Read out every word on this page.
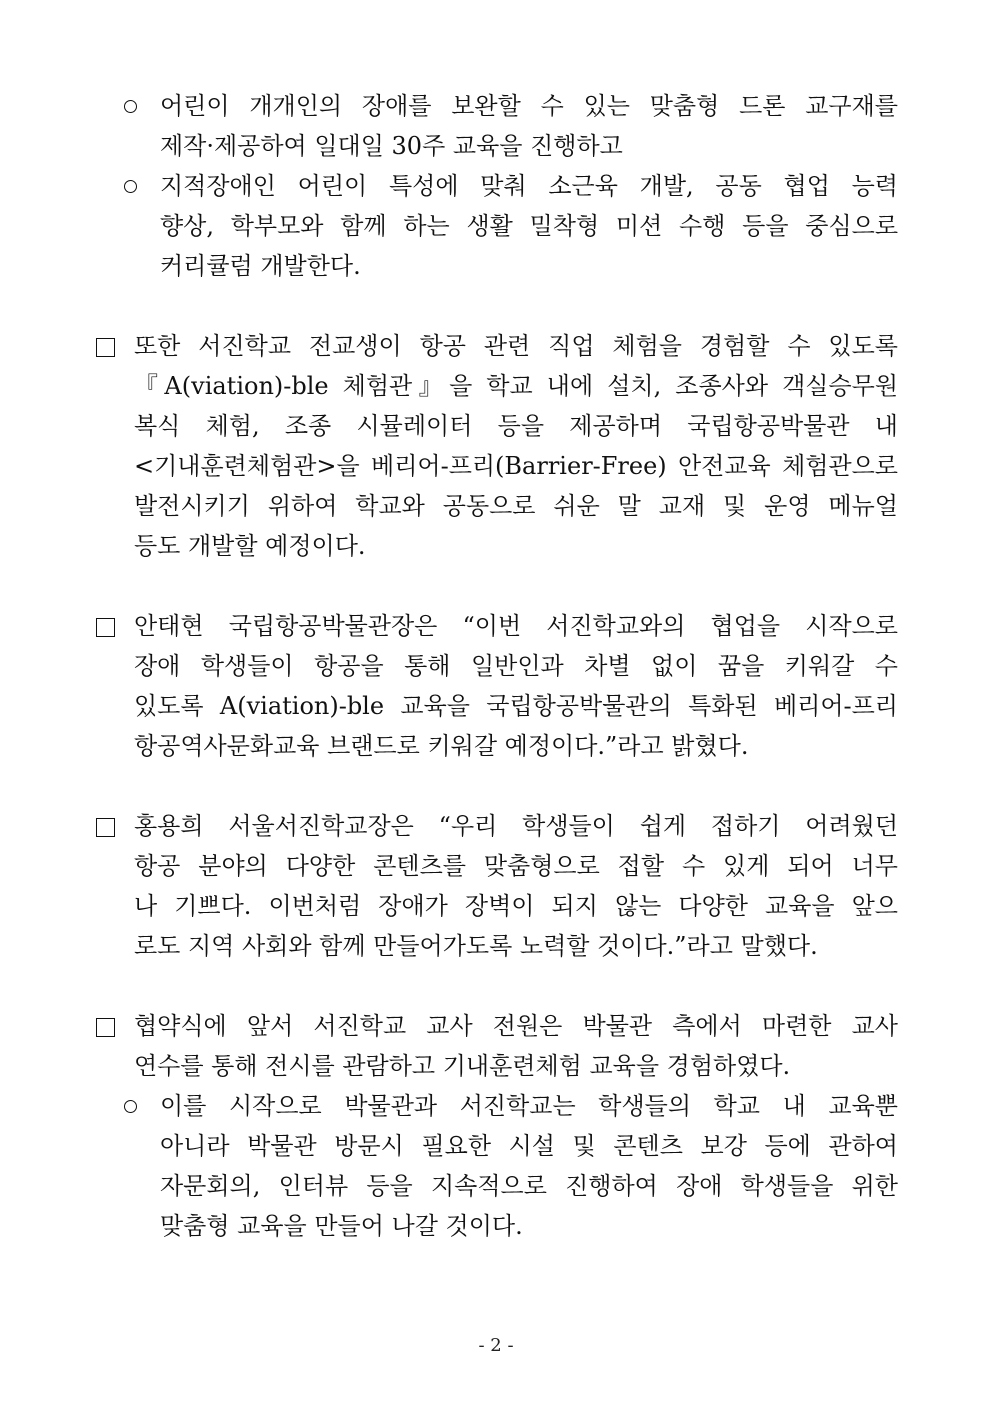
어린이 개개인의 장애를 보완할 수 있는 맞춤형 드론 교구재를
제작·제공하여 일대일 30주 교육을 진행하고
지적장애인 어린이 특성에 맞춰 소근육 개발, 공동 협업 능력
향상, 학부모와 함께 하는 생활 밀착형 미션 수행 등을 중심으로
커리큘럼 개발한다.
또한 서진학교 전교생이 항공 관련 직업 체험을 경험할 수 있도록
『A(viation)-ble 체험관』을 학교 내에 설치, 조종사와 객실승무원
복식 체험, 조종 시뮬레이터 등을 제공하며 국립항공박물관 내
<기내훈련체험관>을 베리어-프리(Barrier-Free) 안전교육 체험관으로
발전시키기 위하여 학교와 공동으로 쉬운 말 교재 및 운영 메뉴얼
등도 개발할 예정이다.
안태현 국립항공박물관장은 “이번 서진학교와의 협업을 시작으로
장애 학생들이 항공을 통해 일반인과 차별 없이 꿈을 키워갈 수
있도록 A(viation)-ble 교육을 국립항공박물관의 특화된 베리어-프리
항공역사문화교육 브랜드로 키워갈 예정이다.”라고 밝혔다.
홍용희 서울서진학교장은 “우리 학생들이 쉽게 접하기 어려웠던
항공 분야의 다양한 콘텐츠를 맞춤형으로 접할 수 있게 되어 너무
나 기쁘다. 이번처럼 장애가 장벽이 되지 않는 다양한 교육을 앞으
로도 지역 사회와 함께 만들어가도록 노력할 것이다.”라고 말했다.
협약식에 앞서 서진학교 교사 전원은 박물관 측에서 마련한 교사
연수를 통해 전시를 관람하고 기내훈련체험 교육을 경험하였다.
이를 시작으로 박물관과 서진학교는 학생들의 학교 내 교육뿐
아니라 박물관 방문시 필요한 시설 및 콘텐츠 보강 등에 관하여
자문회의, 인터뷰 등을 지속적으로 진행하여 장애 학생들을 위한
맞춤형 교육을 만들어 나갈 것이다.
- 2 -
